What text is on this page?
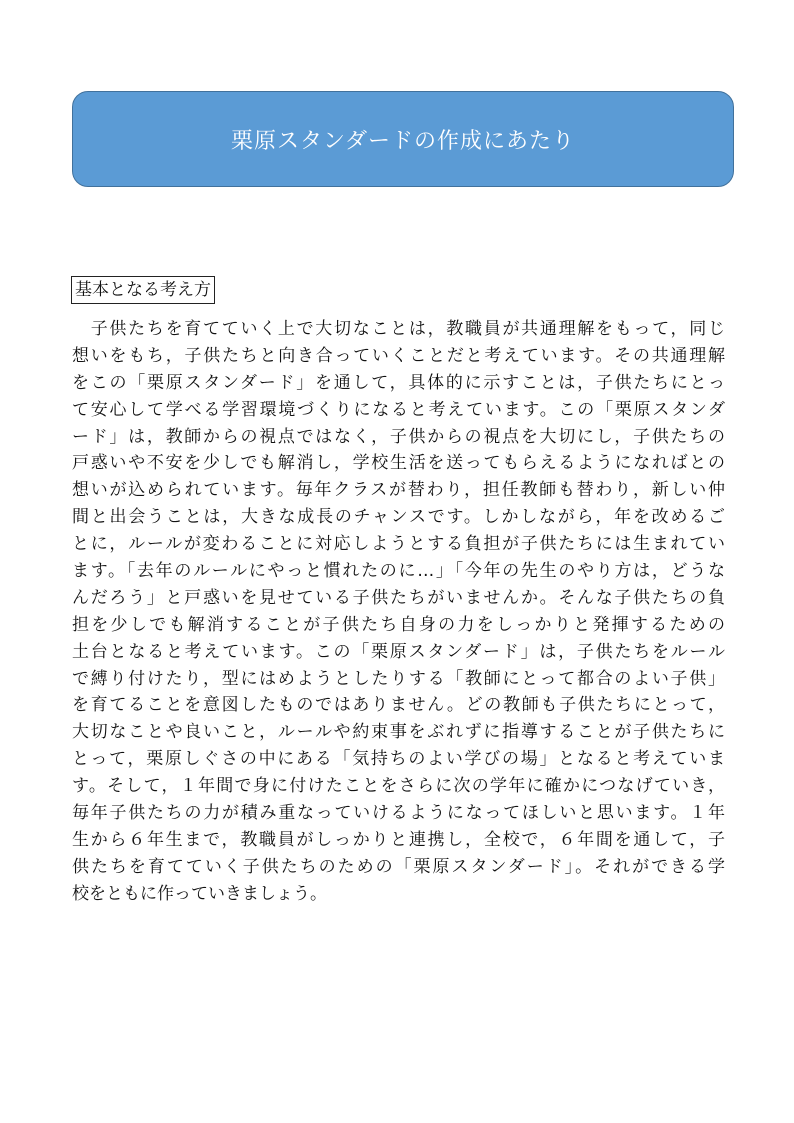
栗原スタンダードの作成にあたり
基本となる考え方
　子供たちを育てていく上で大切なことは，教職員が共通理解をもって，同じ
想いをもち，子供たちと向き合っていくことだと考えています。その共通理解
をこの「栗原スタンダード」を通して，具体的に示すことは，子供たちにとっ
て安心して学べる学習環境づくりになると考えています。この「栗原スタンダ
ード」は，教師からの視点ではなく，子供からの視点を大切にし，子供たちの
戸惑いや不安を少しでも解消し，学校生活を送ってもらえるようになればとの
想いが込められています。毎年クラスが替わり，担任教師も替わり，新しい仲
間と出会うことは，大きな成長のチャンスです。しかしながら，年を改めるご
とに，ルールが変わることに対応しようとする負担が子供たちには生まれてい
ます。「去年のルールにやっと慣れたのに…」「今年の先生のやり方は，どうな
んだろう」と戸惑いを見せている子供たちがいませんか。そんな子供たちの負
担を少しでも解消することが子供たち自身の力をしっかりと発揮するための
土台となると考えています。この「栗原スタンダード」は，子供たちをルール
で縛り付けたり，型にはめようとしたりする「教師にとって都合のよい子供」
を育てることを意図したものではありません。どの教師も子供たちにとって，
大切なことや良いこと，ルールや約束事をぶれずに指導することが子供たちに
とって，栗原しぐさの中にある「気持ちのよい学びの場」となると考えていま
す。そして，１年間で身に付けたことをさらに次の学年に確かにつなげていき，
毎年子供たちの力が積み重なっていけるようになってほしいと思います。１年
生から６年生まで，教職員がしっかりと連携し，全校で，６年間を通して，子
供たちを育てていく子供たちのための「栗原スタンダード」。それができる学
校をともに作っていきましょう。
